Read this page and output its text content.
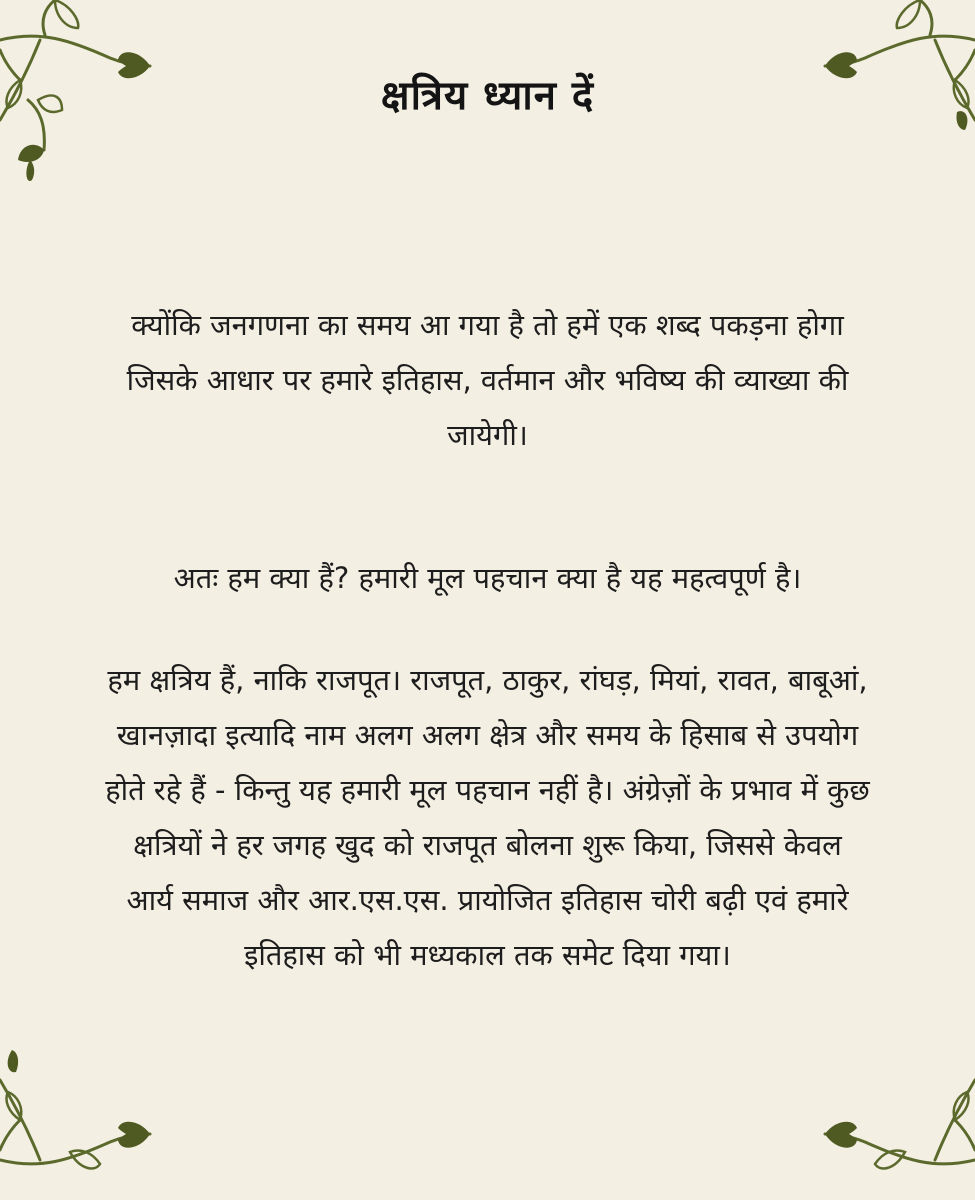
क्षत्रिय ध्यान दें
क्योंकि जनगणना का समय आ गया है तो हमें एक शब्द पकड़ना होगा
जिसके आधार पर हमारे इतिहास, वर्तमान और भविष्य की व्याख्या की
जायेगी।
अतः हम क्या हैं? हमारी मूल पहचान क्या है यह महत्वपूर्ण है।
हम क्षत्रिय हैं, नाकि राजपूत। राजपूत, ठाकुर, रांघड़, मियां, रावत, बाबूआं,
खानज़ादा इत्यादि नाम अलग अलग क्षेत्र और समय के हिसाब से उपयोग
होते रहे हैं - किन्तु यह हमारी मूल पहचान नहीं है। अंग्रेज़ों के प्रभाव में कुछ
क्षत्रियों ने हर जगह खुद को राजपूत बोलना शुरू किया, जिससे केवल
आर्य समाज और आर.एस.एस. प्रायोजित इतिहास चोरी बढ़ी एवं हमारे
इतिहास को भी मध्यकाल तक समेट दिया गया।
